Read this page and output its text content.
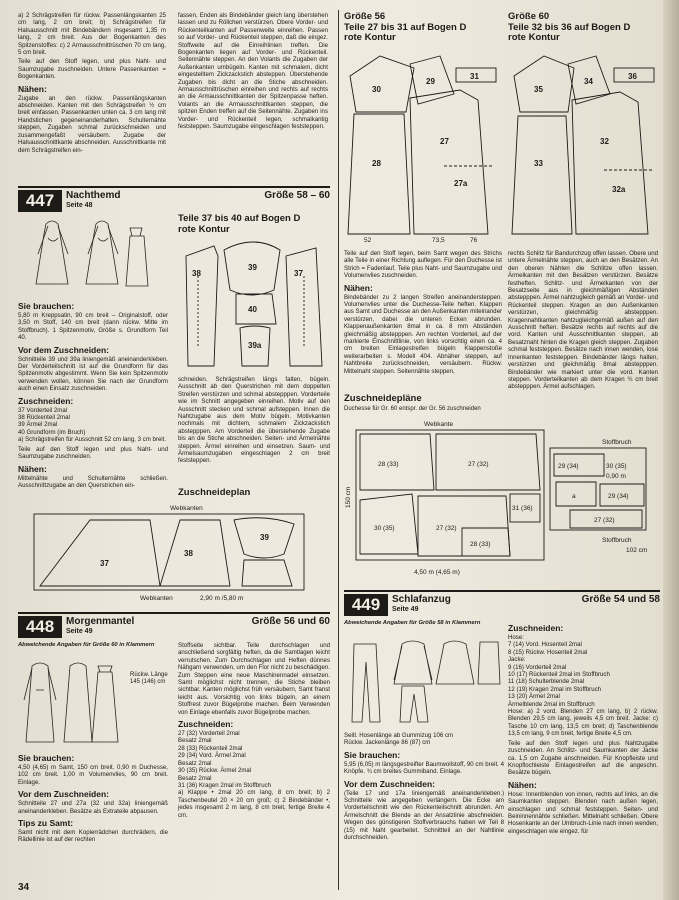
a) 2 Schrägstreifen für rückw. Passenlängskanten 25 cm lang, 2 cm breit; b) Schrägstreifen für Halsausschnitt mit Bindebändern insgesamt 1,35 m lang, 2 cm breit. Aus der Bogenkanten des Spitzenstoffes: c) 2 Armausschnittrüschen 70 cm lang, 5 cm breit.

Teile auf den Stoff legen, und plus Naht- und Saumzugabe zuschneiden. Untere Passenkanten = Bogenkanten.

Nähen:

Zugabe an den rückw. Passenlängskanten abschneiden. Kanten mit den Schrägstreifen ½ cm breit einfassen. Passenkanten unten ca. 3 cm lang mit Handstichen gegeneinanderhalten. Schulternähte steppen, Zugaben schmal zurückschneiden und zusammengefaßt versäubern. Zugabe der Halsausschnittkante abschneiden. Ausschnittkante mit dem Schrägstreifen ein-

fassen, Enden als Bindebänder gleich lang überstehen lassen und zu Röllchen verstürzen. Obere Vorder- und Rückenteilkanten auf Passenweite einreihen. Passen so auf Vorder- und Rückenteil steppen, daß die eingez. Stoffweite auf die Einreihlinien treffen. Die Bogenkanten liegen auf Vorder- und Rückenteil. Seitennähte steppen. An den Volants die Zugaben der Außenkanten umbügeln. Kanten mit schmalem, dicht eingestelltem Zickzackstich absteppen. Überstehende Zugaben bis dicht an die Stiche abschneiden. Armausschnittrüschen einreihen und rechts auf rechts an die Armausschnittkanten der Spitzenpasse heften. Volants an die Armausschnittkanten steppen, die spitzen Enden treffen auf die Seitennähte. Zugaben ins Vorder- und Rückenteil legen, schmalkantig feststeppen. Saumzugabe eingeschlagen feststeppen.

447	Nachthemd
Seite 48
Größe 58 – 60
Teile 37 bis 40 auf Bogen D
rote Kontur
38
39
40
37
39a
Sie brauchen:

5,80 m Kreppsatin, 90 cm breit – Originalstoff, oder 3,50 m Stoff, 140 cm breit (dann rückw. Mitte im Stoffbruch). 1 Spitzenmotiv, Größe s. Grundform Teil 40.

Vor dem Zuschneiden:

Schnitteile 39 und 39a liniengemäß aneinanderkleben. Der Vorderteilschnitt ist auf die Grundform für das Spitzenmotiv abgestimmt. Wenn Sie kein Spitzenmotiv verwenden wollen, können Sie nach der Grundform auch einen Einsatz zuschneiden.

Zuschneiden:
37 Vorderteil 2mal
38 Rückenteil 2mal
39 Ärmel 2mal
40 Grundform (im Bruch)

a) Schrägstreifen für Ausschnitt 52 cm lang, 3 cm breit.

Teile auf den Stoff legen und plus Naht- und Saumzugabe zuschneiden.

Nähen:

Mittelnähte und Schulternähte schließen. Ausschnittzugabe an den Querstrichen ein-

schneiden. Schrägstreifen längs falten, bügeln. Ausschnitt ab den Querstrichen mit dem doppelten Streifen verstürzen und schmal abstepppen. Vorderteile wie im Schnitt angegeben einreihen. Motiv auf den Ausschnitt stecken und schmal aufsteppen. Innen die Nahtzugabe aus dem Motiv bügeln. Motivkanten nochmals mit dichtem, schmalem Zickzackstich abstepppen. Am Vorderteil die überstehende Zugabe bis an die Stiche abschneiden. Seiten- und Ärmelnähte steppen. Ärmel einreihen und einsetzen. Saum- und Ärmelsaumzugaben eingeschlagen 2 cm breit feststeppen.

Zuschneideplan
Webkanten
37
38
39
Webkanten	2,90 m /5,80 m
448	Morgenmantel
Seite 49
Größe 56 und 60
Abweichende Angaben für Größe 60 in Klammern
Rückw. Länge 145 (146) cm
Sie brauchen:

4,50 (4,65) m Samt, 150 cm breit. 0,90 m Duchesse, 102 cm breit. 1,00 m Volumenvlies, 90 cm breit. Einlage.

Vor dem Zuschneiden:

Schnitteile 27 und 27a (32 und 32a) liniengemäß aneinanderkleben. Besätze als Extrateile abpausen.

Tips zu Samt:

Samt nicht mit dem Kopierrädchen durchrädern, die Rädellinie ist auf der rechten

Stoffseite sichtbar. Teile durchschlagen und anschließend sorgfältig heften, da die Samtlagen leicht verrutschen. Zum Durchschlagen und Heften dünnes Nähgarn verwenden, um den Flor nicht zu beschädigen. Zum Steppen eine neue Maschinennadel einsetzen. Samt möglichst nicht trennen, die Stiche bleiben sichtbar. Kanten möglichst früh versäubern, Samt franst leicht aus. Vorsichtig von links bügeln, an einem Stoffrest zuvor Bügelprobe machen. Beim Verwenden von Einlage ebenfalls zuvor Bügelprobe machen.

Zuschneiden:
27 (32) Vorderteil 2mal
Besatz 2mal
28 (33) Rückenteil 2mal
29 (34) Vord. Ärmel 2mal
Besatz 2mal
30 (35) Rückw. Ärmel 2mal
Besatz 2mal
31 (36) Kragen 2mal im Stoffbruch

a) Klappe • 2mal 20 cm lang, 8 cm breit; b) 2 Taschenbeutel 20 × 20 cm groß; c) 2 Bindebänder •, jedes insgesamt 2 m lang, 8 cm breit, fertige Breite 4 cm.

Größe 56
Teile 27 bis 31 auf Bogen D
rote Kontur
Größe 60
Teile 32 bis 36 auf Bogen D
rote Kontur
30
29
31
28
27
27a
52	73,5	76
35
34
36
33
32
32a

Teile auf den Stoff legen, beim Samt wegen des Strichs alle Teile in einer Richtung auflegen. Für den Duchesse ist Strich = Fadenlauf. Teile plus Naht- und Saumzugabe und Volumenvlies zuschneiden.

Nähen:

Bindebänder zu 2 langen Streifen aneinandersteppen. Volumenvlies unter die Duchesse-Teile heften. Klappen aus Samt und Duchesse an den Außenkanten miteinander verstürzen, dabei die unteren Ecken abrunden. Klappenaußenkanten 8mal in ca. 8 mm Abständen gleichmäßig abstepppen. Am rechten Vorderteil, auf der markierte Einschnittlinie, von links vorsichtig einen ca. 4 cm breiten Einlagestreifen bügeln Klappenstoße weiterarbeiten s. Modell 404. Abnäher steppen, auf Nahtbreite zurückschneiden, versäubern. Rückw. Mittelnaht steppen. Seitennähte steppen,

rechts Schlitz für Bandurchzug offen lassen. Obere und untere Ärmelnähte steppen, auch an den Besätzen. An den oberen Nähten die Schlitze offen lassen. Ärmelkanten mit den Besätzen verstürzen. Besätze festheften. Schlitz- und Ärmelkanten von der Besatzseite aus in gleichmäßigen Abständen abstepppen. Ärmel nahtzugleich gemäß an Vorder- und Rückenteil steppen. Kragen an den Außenkanten verstürzen, gleichmäßig abstepppen. Kragennahtkanten nahtzugleichgemäß außen auf den Ausschnitt heften. Besätze rechts auf rechts auf die vord. Kanten und Ausschnittkanten steppen, ab Besatznaht hinten die Kragen gleich steppen. Zugaben schmal feststeppen. Besätze nach innen wenden, lose Innenkanten feststeppen. Bindebänder längs halten, verstürzen und gleichmäßig 8mal abstepppen. Bindebänder wie markiert unter die vord. Kanten steppen. Vorderteilkanten ab dem Kragen ¾ cm breit abstepppen. Ärmel aufschlagen.

Zuschneidepläne
Duchesse für Gr. 60 entspr. der Gr. 56 zuschneiden
Webkante
150 cm
28 (33)	27 (32)
31 (36)
30 (35)	27 (32)
28 (33)
29 (34)	30 (35)
a	29 (34)
27 (32)
Stoffbruch
Stoffbruch
0,90 m
102 cm
4,50 m (4,65 m)
449	Schlafanzug
Seite 49
Größe 54 und 58
Abweichende Angaben für Größe 58 in Klammern

Seitl. Hosenlänge ab Gummizug 106 cm

Rückw. Jackenlänge 86 (87) cm

Sie brauchen:

5,95 (6,05) m längsgestreifter Baumwollstoff, 90 cm breit. 4 Knöpfe. ¾ cm breites Gummiband. Einlage.

Vor dem Zuschneiden:

(Teile 17 und 17a liniengemäß aneinanderkleben.) Schnitteile wie angegeben verlängern. Die Ecke am Vorderteilschnitt wie den Rückenteilschnitt abrunden. Am Ärmelschnitt die Blende an der Ansatzlinie abschneiden. Wegen des günstigeren Stoffverbrauchs haben wir Teil 8 (15) mit Naht gearbeitet. Schnittteil an der Nahtlinie durchschneiden.

Zuschneiden:
Hose:
7 (14) Vord. Hosenteil 2mal
8 (15) Rückw. Hosenteil 2mal
Jacke:
9 (16) Vorderteil 2mal
10 (17) Rückenteil 2mal im Stoffbruch
11 (18) Schulterblende 2mal
12 (19) Kragen 2mal im Stoffbruch
13 (20) Ärmel 2mal
Ärmelblende 2mal im Stoffbruch

Hose: a) 2 vord. Blenden 27 cm lang, b) 2 rückw. Blenden 29,5 cm lang, jeweils 4,5 cm breit. Jacke: c) Tasche 10 cm lang, 13,5 cm breit; d) Taschenblende 13,5 cm lang, 9 cm breit, fertige Breite 4,5 cm.

Teile auf den Stoff legen und plus Nahtzugabe zuschneiden. An Schlitz- und Saumkanten der Jacke ca. 1,5 cm Zugabe anschneiden. Für Knopfleiste und Knopflochleiste Einlagestreifen auf die angeschn. Besätze bügeln.

Nähen:

Hose: Innenblenden von innen, rechts auf links, an die Saumkanten steppen. Blenden nach außen legen, einschlagen und schmal feststeppen. Seiten- und Beininnennähte schließen. Mittelnaht schließen. Obere Hosenkante an der Umbruch-Linie nach innen wenden, eingeschlagen wie eingez. für

34
